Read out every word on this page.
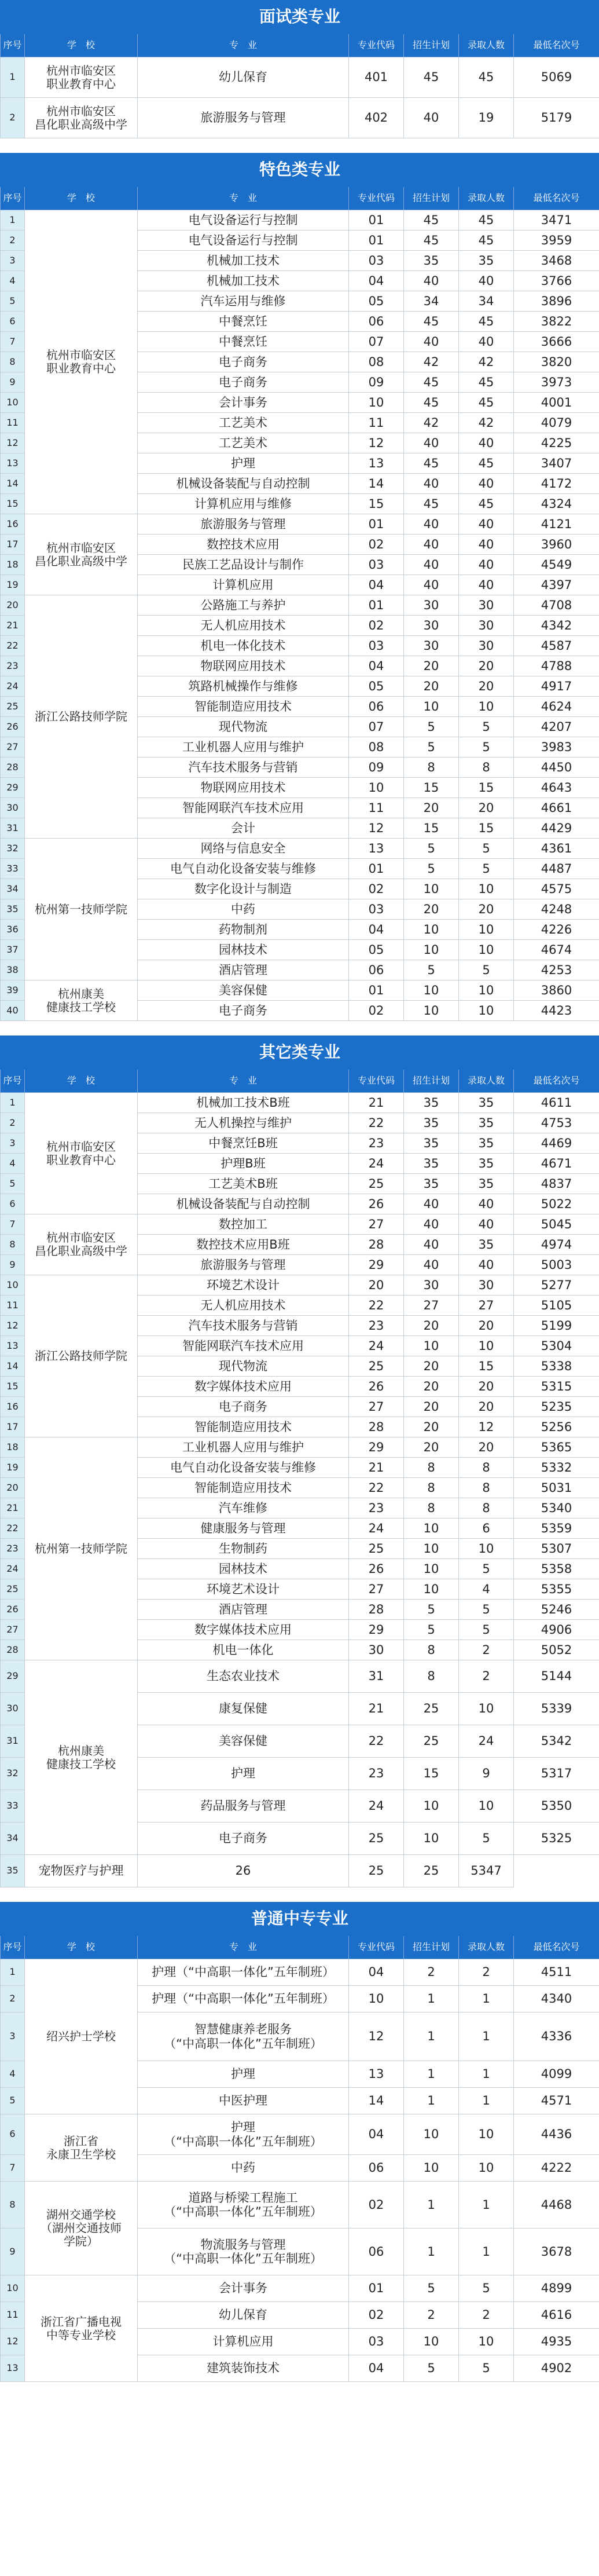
面试类专业						
序号	学　校	专　业	专业代码	招生计划	录取人数	最低名次号
1	杭州市临安区
职业教育中心	幼儿保育	401	45	45	5069
2	杭州市临安区
昌化职业高级中学	旅游服务与管理	402	40	19	5179

特色类专业						
序号	学　校	专　业	专业代码	招生计划	录取人数	最低名次号
1	杭州市临安区
职业教育中心	电气设备运行与控制	01	45	45	3471
2		电气设备运行与控制	01	45	45	3959
3		机械加工技术	03	35	35	3468
4		机械加工技术	04	40	40	3766
5		汽车运用与维修	05	34	34	3896
6		中餐烹饪	06	45	45	3822
7		中餐烹饪	07	40	40	3666
8		电子商务	08	42	42	3820
9		电子商务	09	45	45	3973
10		会计事务	10	45	45	4001
11		工艺美术	11	42	42	4079
12		工艺美术	12	40	40	4225
13		护理	13	45	45	3407
14		机械设备装配与自动控制	14	40	40	4172
15		计算机应用与维修	15	45	45	4324
16	杭州市临安区
昌化职业高级中学	旅游服务与管理	01	40	40	4121
17		数控技术应用	02	40	40	3960
18		民族工艺品设计与制作	03	40	40	4549
19		计算机应用	04	40	40	4397
20	浙江公路技师学院	公路施工与养护	01	30	30	4708
21		无人机应用技术	02	30	30	4342
22		机电一体化技术	03	30	30	4587
23		物联网应用技术	04	20	20	4788
24		筑路机械操作与维修	05	20	20	4917
25		智能制造应用技术	06	10	10	4624
26		现代物流	07	5	5	4207
27		工业机器人应用与维护	08	5	5	3983
28		汽车技术服务与营销	09	8	8	4450
29		物联网应用技术	10	15	15	4643
30		智能网联汽车技术应用	11	20	20	4661
31		会计	12	15	15	4429
32	杭州第一技师学院	网络与信息安全	13	5	5	4361
33		电气自动化设备安装与维修	01	5	5	4487
34		数字化设计与制造	02	10	10	4575
35		中药	03	20	20	4248
36		药物制剂	04	10	10	4226
37		园林技术	05	10	10	4674
38		酒店管理	06	5	5	4253
39	杭州康美
健康技工学校	美容保健	01	10	10	3860
40		电子商务	02	10	10	4423

其它类专业						
序号	学　校	专　业	专业代码	招生计划	录取人数	最低名次号
1	杭州市临安区
职业教育中心	机械加工技术B班	21	35	35	4611
2		无人机操控与维护	22	35	35	4753
3		中餐烹饪B班	23	35	35	4469
4		护理B班	24	35	35	4671
5		工艺美术B班	25	35	35	4837
6		机械设备装配与自动控制	26	40	40	5022
7	杭州市临安区
昌化职业高级中学	数控加工	27	40	40	5045
8		数控技术应用B班	28	40	35	4974
9		旅游服务与管理	29	40	40	5003
10	浙江公路技师学院	环境艺术设计	20	30	30	5277
11		无人机应用技术	22	27	27	5105
12		汽车技术服务与营销	23	20	20	5199
13		智能网联汽车技术应用	24	10	10	5304
14		现代物流	25	20	15	5338
15		数字媒体技术应用	26	20	20	5315
16		电子商务	27	20	20	5235
17		智能制造应用技术	28	20	12	5256
18	杭州第一技师学院	工业机器人应用与维护	29	20	20	5365
19		电气自动化设备安装与维修	21	8	8	5332
20		智能制造应用技术	22	8	8	5031
21		汽车维修	23	8	8	5340
22		健康服务与管理	24	10	6	5359
23		生物制药	25	10	10	5307
24		园林技术	26	10	5	5358
25		环境艺术设计	27	10	4	5355
26		酒店管理	28	5	5	5246
27		数字媒体技术应用	29	5	5	4906
28		机电一体化	30	8	2	5052
29	杭州康美
健康技工学校	生态农业技术	31	8	2	5144
30		康复保健	21	25	10	5339
31		美容保健	22	25	24	5342
32		护理	23	15	9	5317
33		药品服务与管理	24	10	10	5350
34		电子商务	25	10	5	5325
35	宠物医疗与护理	26	25	25	5347	

普通中专专业						
序号	学　校	专　业	专业代码	招生计划	录取人数	最低名次号
1	绍兴护士学校	护理（“中高职一体化”五年制班）	04	2	2	4511
2		护理（“中高职一体化”五年制班）	10	1	1	4340
3		智慧健康养老服务
（“中高职一体化”五年制班）	12	1	1	4336
4		护理	13	1	1	4099
5		中医护理	14	1	1	4571
6	浙江省
永康卫生学校	护理
（“中高职一体化”五年制班）	04	10	10	4436
7		中药	06	10	10	4222
8	湖州交通学校
（湖州交通技师
学院）	道路与桥梁工程施工
（“中高职一体化”五年制班）	02	1	1	4468
9		物流服务与管理
（“中高职一体化”五年制班）	06	1	1	3678
10	浙江省广播电视
中等专业学校	会计事务	01	5	5	4899
11		幼儿保育	02	2	2	4616
12		计算机应用	03	10	10	4935
13		建筑装饰技术	04	5	5	4902
